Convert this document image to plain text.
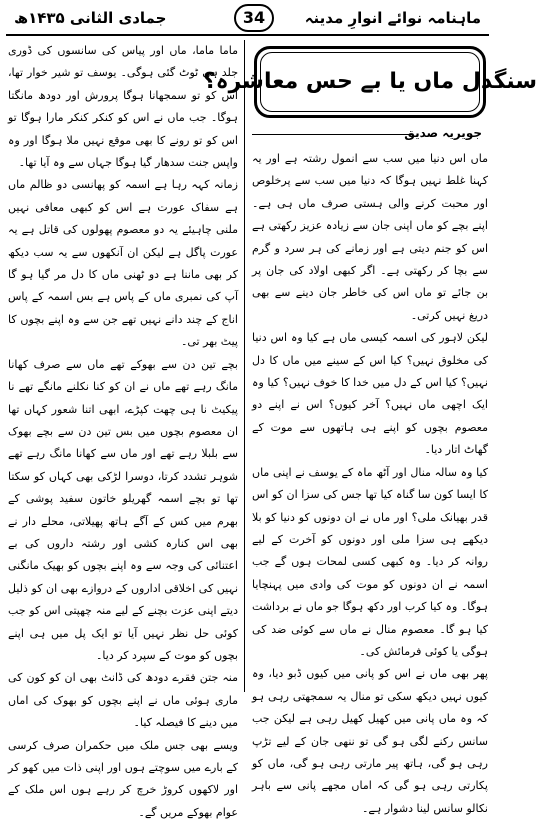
جمادی الثانی ۱۴۳۵ھ	34	ماہنامہ نوائے انوارِ مدینہ
سنگدل ماں یا بے حس معاشرہ؟
جویریہ صدیق

ماں اس دنیا میں سب سے انمول رشتہ ہے اور یہ کہنا غلط نہیں ہوگا کہ دنیا میں سب سے پرخلوص اور محبت کرنے والی ہستی صرف ماں ہی ہے۔ اپنے بچے کو ماں اپنی جان سے زیادہ عزیز رکھتی ہے اس کو جنم دیتی ہے اور زمانے کی ہر سرد و گرم سے بچا کر رکھتی ہے۔ اگر کبھی اولاد کی جان پر بن جائے تو ماں اس کی خاطر جان دینے سے بھی دریغ نہیں کرتی۔

لیکن لاہور کی اسمہ کیسی ماں ہے کیا وہ اس دنیا کی مخلوق نہیں؟ کیا اس کے سینے میں ماں کا دل نہیں؟ کیا اس کے دل میں خدا کا خوف نہیں؟ کیا وہ ایک اچھی ماں نہیں؟ آخر کیوں؟ اس نے اپنے دو معصوم بچوں کو اپنے ہی ہاتھوں سے موت کے گھاٹ اتار دیا۔

کیا وہ سالہ منال اور آٹھ ماہ کے یوسف نے اپنی ماں کا ایسا کون سا گناہ کیا تھا جس کی سزا ان کو اس قدر بھیانک ملی؟ اور ماں نے ان دونوں کو دنیا کو بلا دیکھے ہی سزا ملی اور دونوں کو آخرت کے لیے روانہ کر دیا۔ وہ کبھی کسی لمحات ہوں گے جب اسمہ نے ان دونوں کو موت کی وادی میں پہنچایا ہوگا۔ وہ کیا کرب اور دکھ ہوگا جو ماں نے برداشت کیا ہو گا۔ معصوم منال نے ماں سے کوئی ضد کی ہوگی یا کوئی فرمائش کی۔

پھر بھی ماں نے اس کو پانی میں کیوں ڈبو دیا، وہ کیوں نہیں دیکھ سکی تو منال یہ سمجھتی رہی ہو کہ وہ ماں پانی میں کھیل کھیل رہی ہے لیکن جب سانس رکنے لگی ہو گی تو ننھی جان کے لیے تڑپ رہی ہو گی، ہاتھ پیر مارتی رہی ہو گی، ماں کو پکارتی رہی ہو گی کہ اماں مجھے پانی سے باہر نکالو سانس لینا دشوار ہے۔

ماما ماما، ماں اور پیاس کی سانسوں کی ڈوری جلد ہی ٹوٹ گئی ہوگی۔ یوسف تو شیر خوار تھا، اس کو تو سمجھانا ہوگا پرورش اور دودھ مانگتا ہوگا۔ جب ماں نے اس کو کنکر کنکر مارا ہوگا تو اس کو تو رونے کا بھی موقع نہیں ملا ہوگا اور وہ واپس جنت سدھار گیا ہوگا جہاں سے وہ آیا تھا۔

زمانہ کہہ رہا ہے اسمہ کو پھانسی دو ظالم ماں ہے سفاک عورت ہے اس کو کبھی معافی نہیں ملنی چاہیئے یہ دو معصوم پھولوں کی قاتل ہے یہ عورت پاگل ہے لیکن ان آنکھوں سے یہ سب دیکھ کر بھی ماننا ہے دو ٹھنی ماں کا دل مر گیا ہو گا آپ کی نمبری ماں کے پاس ہے بس اسمہ کے پاس اناج کے چند دانے نہیں تھے جن سے وہ اپنے بچوں کا پیٹ بھر تی۔

بچے تین دن سے بھوکے تھے ماں سے صرف کھانا مانگ رہے تھے ماں نے ان کو کنا نکلنے مانگے تھے نا پیکیٹ نا ہی چھت کپڑے، ابھی اتنا شعور کہاں تھا ان معصوم بچوں میں بس تین دن سے بچے بھوک سے بلبلا رہے تھے اور ماں سے کھانا مانگ رہے تھے شوہر تشدد کرتا، دوسرا لڑکی بھی کہاں کو سکتا تھا تو بچے اسمہ گھریلو خاتون سفید پوشی کے بھرم میں کس کے آگے ہاتھ پھیلاتی، محلے دار نے بھی اس کنارہ کشی اور رشتہ داروں کی بے اعتنائی کی وجہ سے وہ اپنے بچوں کو بھیک مانگنی نہیں کی اخلاقی اداروں کے دروازے بھی ان کو ذلیل دیتے اپنی عزت بچنے کے لیے منہ چھپتی اس کو جب کوئی حل نظر نہیں آیا تو ایک پل میں ہی اپنے بچوں کو موت کے سپرد کر دیا۔

منہ جتن فقرے دودھ کی ڈانٹ بھی ان کو کون کی ماری ہوئی ماں نے اپنے بچوں کو بھوک کی اماں میں دینے کا فیصلہ کیا۔

ویسے بھی جس ملک میں حکمران صرف کرسی کے بارے میں سوچتے ہوں اور اپنی ذات میں کھو کر اور لاکھوں کروڑ خرچ کر رہے ہوں اس ملک کے عوام بھوکے مریں گے۔
